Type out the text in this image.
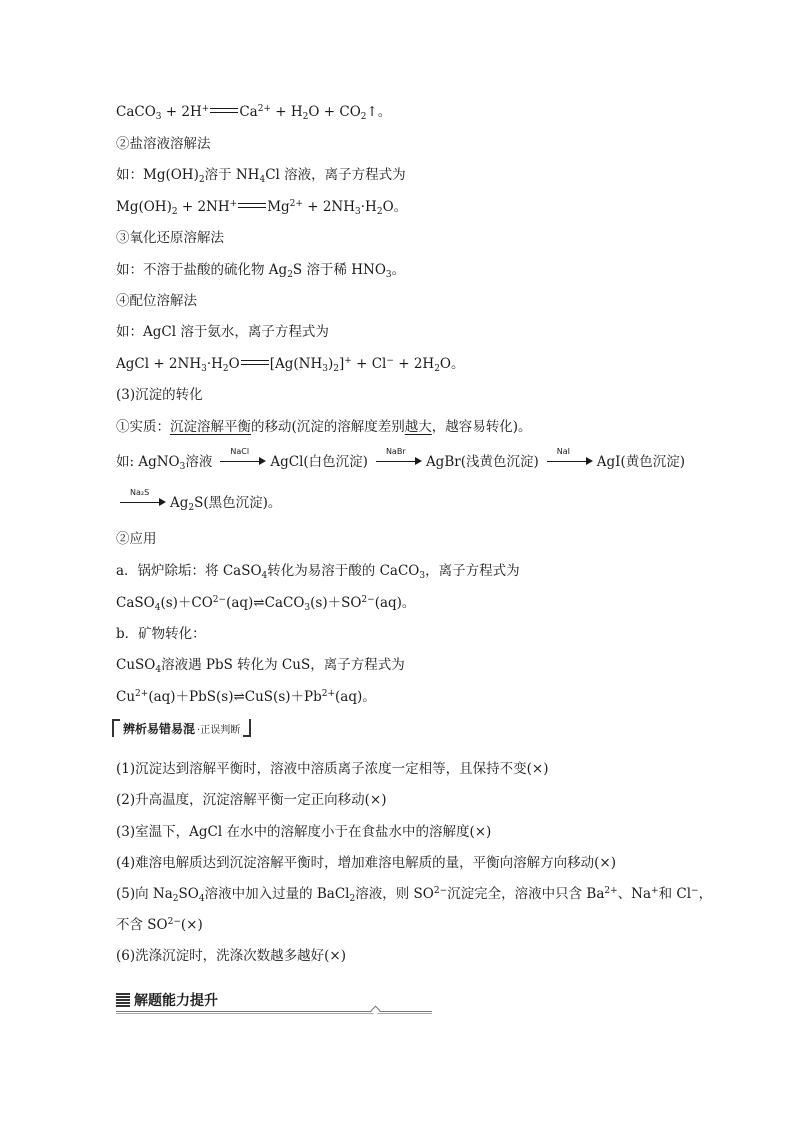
CaCO$_3$ + 2H+ $Ca^{2+} + H_2O$ + $CO_2↑$。
②盐溶液溶解法
如：$Mg(OH)_2$溶于 $NH_4Cl$ 溶液，离子方程式为
$Mg(OH)_2 + 2NH^+$ $Mg^{2+} + 2NH_3\cdot H_2O$。
③氧化还原溶解法
如：不溶于盐酸的硫化物 $Ag_2S$ 溶于稀 $HNO_3$。
④配位溶解法
如：AgCl 溶于氨水，离子方程式为
AgCl + $2NH_3\cdot H_2O$ $[Ag(NH_3)_2]^+ + Cl^- + 2H_2O$。
(3)沉淀的转化
①实质：沉淀溶解平衡的移动(沉淀的溶解度差别越大，越容易转化)。
如: AgNO$_3$溶液
NaCl
AgCl(白色沉淀)
NaBr
AgBr(浅黄色沉淀)
NaI
AgI(黄色沉淀)
Na₂S
$Ag_2S$(黑色沉淀)。
②应用
a．锅炉除垢：将 CaSO$_4$转化为易溶于酸的 CaCO$_3$，离子方程式为
$CaSO_4(s)+CO^{2-}(aq)\rightleftharpoons CaCO_3(s)+SO^{2-}(aq)$。
b．矿物转化：
CuSO$_4$溶液遇 PbS 转化为 CuS，离子方程式为
$Cu^{2+}(aq)+PbS(s)\rightleftharpoons CuS(s)+Pb^{2+}(aq)$。
辨析易错易混 ·正误判断
(1)沉淀达到溶解平衡时，溶液中溶质离子浓度一定相等，且保持不变(×)
(2)升高温度，沉淀溶解平衡一定正向移动(×)
(3)室温下，AgCl 在水中的溶解度小于在食盐水中的溶解度(×)
(4)难溶电解质达到沉淀溶解平衡时，增加难溶电解质的量，平衡向溶解方向移动(×)
(5)向 $Na_2SO_4$溶液中加入过量的 BaCl$_2$溶液，则 $SO^{2-}$沉淀完全，溶液中只含 $Ba^{2+}$、Na+和 Cl−，
不含 $SO^{2-}(\times)$
(6)洗涤沉淀时，洗涤次数越多越好(×)
解题能力提升
